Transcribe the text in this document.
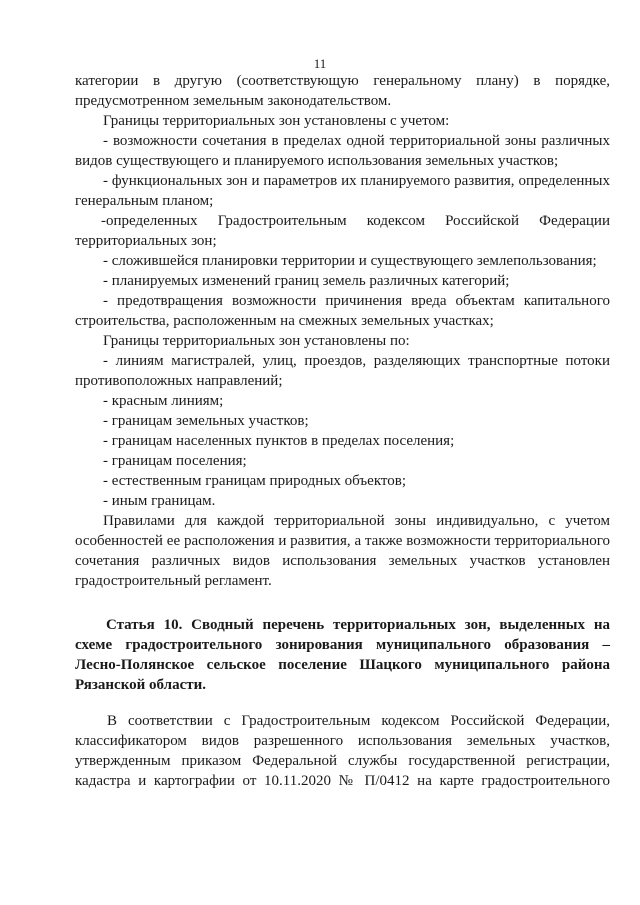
11

категории в другую (соответствующую генеральному плану) в порядке, предусмотренном земельным законодательством.

Границы территориальных зон установлены с учетом:

- возможности сочетания в пределах одной территориальной зоны различных видов существующего и планируемого использования земельных участков;

- функциональных зон и параметров их планируемого развития, определенных генеральным планом;

-определенных Градостроительным кодексом Российской Федерации территориальных зон;

- сложившейся планировки территории и существующего землепользования;

- планируемых изменений границ земель различных категорий;

- предотвращения возможности причинения вреда объектам капитального строительства, расположенным на смежных земельных участках;

Границы территориальных зон установлены по:

- линиям магистралей, улиц, проездов, разделяющих транспортные потоки противоположных направлений;

- красным линиям;

- границам земельных участков;

- границам населенных пунктов в пределах поселения;

- границам поселения;

- естественным границам природных объектов;

- иным границам.

Правилами для каждой территориальной зоны индивидуально, с учетом особенностей ее расположения и развития, а также возможности территориального сочетания различных видов использования земельных участков установлен градостроительный регламент.

Статья 10. Сводный перечень территориальных зон, выделенных на схеме градостроительного зонирования муниципального образования – Лесно-Полянское сельское поселение Шацкого муниципального района Рязанской области.

В соответствии с Градостроительным кодексом Российской Федерации, классификатором видов разрешенного использования земельных участков, утвержденным приказом Федеральной службы государственной регистрации, кадастра и картографии от 10.11.2020 № П/0412 на карте градостроительного
